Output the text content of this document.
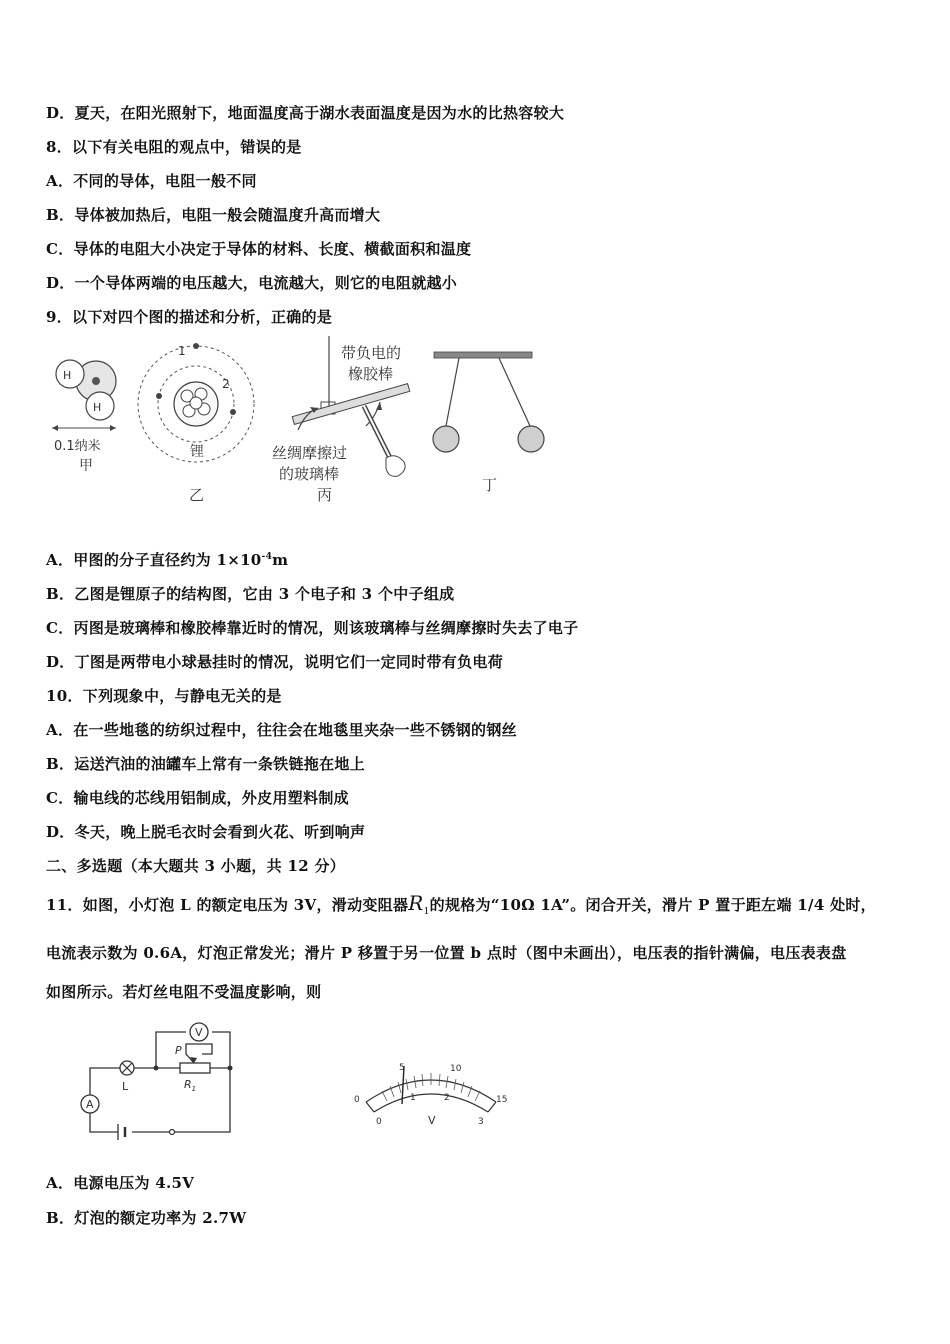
D．夏天，在阳光照射下，地面温度高于湖水表面温度是因为水的比热容较大
8．以下有关电阻的观点中，错误的是
A．不同的导体，电阻一般不同
B．导体被加热后，电阻一般会随温度升高而增大
C．导体的电阻大小决定于导体的材料、长度、横截面积和温度
D．一个导体两端的电压越大，电流越大，则它的电阻就越小
9．以下对四个图的描述和分析，正确的是
H
H
0.1纳米
甲
1
2
锂
乙
带负电的
橡胶棒
丝绸摩擦过
的玻璃棒
丙
丁
A．甲图的分子直径约为 $1\times 10^{-4}m$
B．乙图是锂原子的结构图，它由 3 个电子和 3 个中子组成
C．丙图是玻璃棒和橡胶棒靠近时的情况，则该玻璃棒与丝绸摩擦时失去了电子
D．丁图是两带电小球悬挂时的情况，说明它们一定同时带有负电荷
10．下列现象中，与静电无关的是
A．在一些地毯的纺织过程中，往往会在地毯里夹杂一些不锈钢的钢丝
B．运送汽油的油罐车上常有一条铁链拖在地上
C．输电线的芯线用铝制成，外皮用塑料制成
D．冬天，晚上脱毛衣时会看到火花、听到响声
二、多选题（本大题共 3 小题，共 12 分）
11．如图，小灯泡 L 的额定电压为 3V，滑动变阻器$R_1$的规格为“10Ω 1A”。闭合开关，滑片 P 置于距左端 1/4 处时，
电流表示数为 0.6A，灯泡正常发光；滑片 P 移置于另一位置 b 点时（图中未画出），电压表的指针满偏，电压表表盘
如图所示。若灯丝电阻不受温度影响，则
A
L
V
P
$R_1$
0
5	10
15
0
1	2
3
V
A．电源电压为 4.5V
B．灯泡的额定功率为 2.7W
